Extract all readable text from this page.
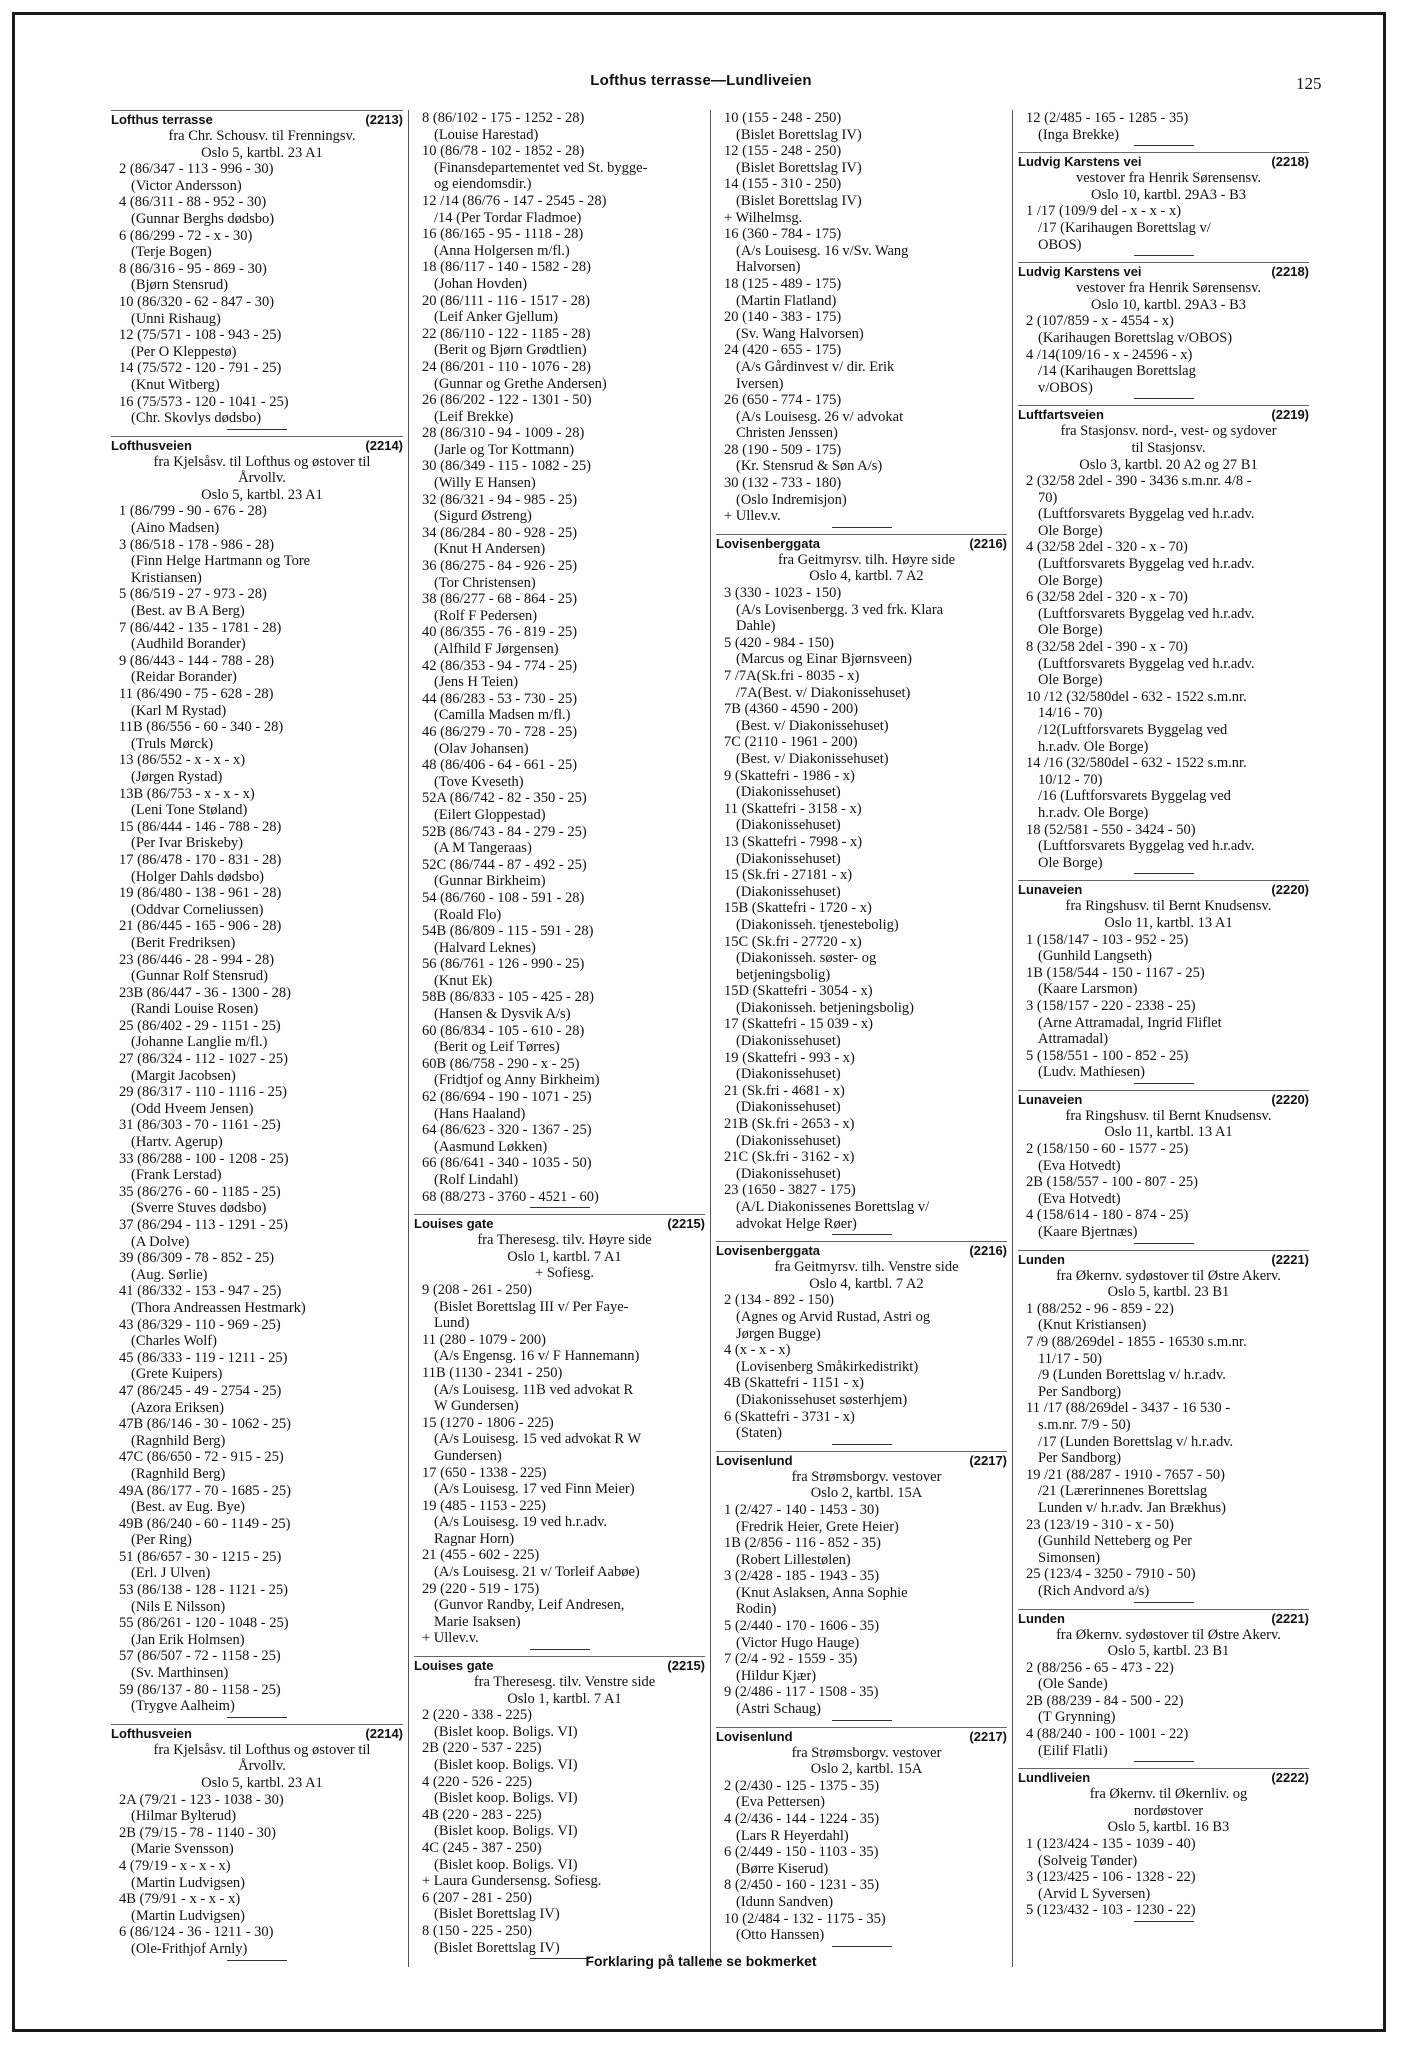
Lofthus terrasse—Lundliveien	125
Lofthus terrasse	(2213)
fra Chr. Schousv. til Frenningsv.
Oslo 5, kartbl. 23 A1
2 (86/347 - 113 - 996 - 30)
(Victor Andersson)
4 (86/311 - 88 - 952 - 30)
(Gunnar Berghs dødsbo)
6 (86/299 - 72 - x - 30)
(Terje Bogen)
8 (86/316 - 95 - 869 - 30)
(Bjørn Stensrud)
10 (86/320 - 62 - 847 - 30)
(Unni Rishaug)
12 (75/571 - 108 - 943 - 25)
(Per O Kleppestø)
14 (75/572 - 120 - 791 - 25)
(Knut Witberg)
16 (75/573 - 120 - 1041 - 25)
(Chr. Skovlys dødsbo)
Lofthusveien	(2214)
fra Kjelsåsv. til Lofthus og østover til
Årvollv.
Oslo 5, kartbl. 23 A1
1 (86/799 - 90 - 676 - 28)
(Aino Madsen)
3 (86/518 - 178 - 986 - 28)
(Finn Helge Hartmann og Tore
Kristiansen)
5 (86/519 - 27 - 973 - 28)
(Best. av B A Berg)
7 (86/442 - 135 - 1781 - 28)
(Audhild Borander)
9 (86/443 - 144 - 788 - 28)
(Reidar Borander)
11 (86/490 - 75 - 628 - 28)
(Karl M Rystad)
11B (86/556 - 60 - 340 - 28)
(Truls Mørck)
13 (86/552 - x - x - x)
(Jørgen Rystad)
13B (86/753 - x - x - x)
(Leni Tone Støland)
15 (86/444 - 146 - 788 - 28)
(Per Ivar Briskeby)
17 (86/478 - 170 - 831 - 28)
(Holger Dahls dødsbo)
19 (86/480 - 138 - 961 - 28)
(Oddvar Corneliussen)
21 (86/445 - 165 - 906 - 28)
(Berit Fredriksen)
23 (86/446 - 28 - 994 - 28)
(Gunnar Rolf Stensrud)
23B (86/447 - 36 - 1300 - 28)
(Randi Louise Rosen)
25 (86/402 - 29 - 1151 - 25)
(Johanne Langlie m/fl.)
27 (86/324 - 112 - 1027 - 25)
(Margit Jacobsen)
29 (86/317 - 110 - 1116 - 25)
(Odd Hveem Jensen)
31 (86/303 - 70 - 1161 - 25)
(Hartv. Agerup)
33 (86/288 - 100 - 1208 - 25)
(Frank Lerstad)
35 (86/276 - 60 - 1185 - 25)
(Sverre Stuves dødsbo)
37 (86/294 - 113 - 1291 - 25)
(A Dolve)
39 (86/309 - 78 - 852 - 25)
(Aug. Sørlie)
41 (86/332 - 153 - 947 - 25)
(Thora Andreassen Hestmark)
43 (86/329 - 110 - 969 - 25)
(Charles Wolf)
45 (86/333 - 119 - 1211 - 25)
(Grete Kuipers)
47 (86/245 - 49 - 2754 - 25)
(Azora Eriksen)
47B (86/146 - 30 - 1062 - 25)
(Ragnhild Berg)
47C (86/650 - 72 - 915 - 25)
(Ragnhild Berg)
49A (86/177 - 70 - 1685 - 25)
(Best. av Eug. Bye)
49B (86/240 - 60 - 1149 - 25)
(Per Ring)
51 (86/657 - 30 - 1215 - 25)
(Erl. J Ulven)
53 (86/138 - 128 - 1121 - 25)
(Nils E Nilsson)
55 (86/261 - 120 - 1048 - 25)
(Jan Erik Holmsen)
57 (86/507 - 72 - 1158 - 25)
(Sv. Marthinsen)
59 (86/137 - 80 - 1158 - 25)
(Trygve Aalheim)
Lofthusveien	(2214)
fra Kjelsåsv. til Lofthus og østover til
Årvollv.
Oslo 5, kartbl. 23 A1
2A (79/21 - 123 - 1038 - 30)
(Hilmar Bylterud)
2B (79/15 - 78 - 1140 - 30)
(Marie Svensson)
4 (79/19 - x - x - x)
(Martin Ludvigsen)
4B (79/91 - x - x - x)
(Martin Ludvigsen)
6 (86/124 - 36 - 1211 - 30)
(Ole-Frithjof Arnly)
8 (86/102 - 175 - 1252 - 28)
(Louise Harestad)
10 (86/78 - 102 - 1852 - 28)
(Finansdepartementet ved St. bygge-
og eiendomsdir.)
12 /14 (86/76 - 147 - 2545 - 28)
/14 (Per Tordar Fladmoe)
16 (86/165 - 95 - 1118 - 28)
(Anna Holgersen m/fl.)
18 (86/117 - 140 - 1582 - 28)
(Johan Hovden)
20 (86/111 - 116 - 1517 - 28)
(Leif Anker Gjellum)
22 (86/110 - 122 - 1185 - 28)
(Berit og Bjørn Grødtlien)
24 (86/201 - 110 - 1076 - 28)
(Gunnar og Grethe Andersen)
26 (86/202 - 122 - 1301 - 50)
(Leif Brekke)
28 (86/310 - 94 - 1009 - 28)
(Jarle og Tor Kottmann)
30 (86/349 - 115 - 1082 - 25)
(Willy E Hansen)
32 (86/321 - 94 - 985 - 25)
(Sigurd Østreng)
34 (86/284 - 80 - 928 - 25)
(Knut H Andersen)
36 (86/275 - 84 - 926 - 25)
(Tor Christensen)
38 (86/277 - 68 - 864 - 25)
(Rolf F Pedersen)
40 (86/355 - 76 - 819 - 25)
(Alfhild F Jørgensen)
42 (86/353 - 94 - 774 - 25)
(Jens H Teien)
44 (86/283 - 53 - 730 - 25)
(Camilla Madsen m/fl.)
46 (86/279 - 70 - 728 - 25)
(Olav Johansen)
48 (86/406 - 64 - 661 - 25)
(Tove Kveseth)
52A (86/742 - 82 - 350 - 25)
(Eilert Gloppestad)
52B (86/743 - 84 - 279 - 25)
(A M Tangeraas)
52C (86/744 - 87 - 492 - 25)
(Gunnar Birkheim)
54 (86/760 - 108 - 591 - 28)
(Roald Flo)
54B (86/809 - 115 - 591 - 28)
(Halvard Leknes)
56 (86/761 - 126 - 990 - 25)
(Knut Ek)
58B (86/833 - 105 - 425 - 28)
(Hansen & Dysvik A/s)
60 (86/834 - 105 - 610 - 28)
(Berit og Leif Tørres)
60B (86/758 - 290 - x - 25)
(Fridtjof og Anny Birkheim)
62 (86/694 - 190 - 1071 - 25)
(Hans Haaland)
64 (86/623 - 320 - 1367 - 25)
(Aasmund Løkken)
66 (86/641 - 340 - 1035 - 50)
(Rolf Lindahl)
68 (88/273 - 3760 - 4521 - 60)
Louises gate	(2215)
fra Theresesg. tilv. Høyre side
Oslo 1, kartbl. 7 A1
+ Sofiesg.
9 (208 - 261 - 250)
(Bislet Borettslag III v/ Per Faye-
Lund)
11 (280 - 1079 - 200)
(A/s Engensg. 16 v/ F Hannemann)
11B (1130 - 2341 - 250)
(A/s Louisesg. 11B ved advokat R
W Gundersen)
15 (1270 - 1806 - 225)
(A/s Louisesg. 15 ved advokat R W
Gundersen)
17 (650 - 1338 - 225)
(A/s Louisesg. 17 ved Finn Meier)
19 (485 - 1153 - 225)
(A/s Louisesg. 19 ved h.r.adv.
Ragnar Horn)
21 (455 - 602 - 225)
(A/s Louisesg. 21 v/ Torleif Aabøe)
29 (220 - 519 - 175)
(Gunvor Randby, Leif Andresen,
Marie Isaksen)
+ Ullev.v.
Louises gate	(2215)
fra Theresesg. tilv. Venstre side
Oslo 1, kartbl. 7 A1
2 (220 - 338 - 225)
(Bislet koop. Boligs. VI)
2B (220 - 537 - 225)
(Bislet koop. Boligs. VI)
4 (220 - 526 - 225)
(Bislet koop. Boligs. VI)
4B (220 - 283 - 225)
(Bislet koop. Boligs. VI)
4C (245 - 387 - 250)
(Bislet koop. Boligs. VI)
+ Laura Gundersensg. Sofiesg.
6 (207 - 281 - 250)
(Bislet Borettslag IV)
8 (150 - 225 - 250)
(Bislet Borettslag IV)
10 (155 - 248 - 250)
(Bislet Borettslag IV)
12 (155 - 248 - 250)
(Bislet Borettslag IV)
14 (155 - 310 - 250)
(Bislet Borettslag IV)
+ Wilhelmsg.
16 (360 - 784 - 175)
(A/s Louisesg. 16 v/Sv. Wang
Halvorsen)
18 (125 - 489 - 175)
(Martin Flatland)
20 (140 - 383 - 175)
(Sv. Wang Halvorsen)
24 (420 - 655 - 175)
(A/s Gårdinvest v/ dir. Erik
Iversen)
26 (650 - 774 - 175)
(A/s Louisesg. 26 v/ advokat
Christen Jenssen)
28 (190 - 509 - 175)
(Kr. Stensrud & Søn A/s)
30 (132 - 733 - 180)
(Oslo Indremisjon)
+ Ullev.v.
Lovisenberggata	(2216)
fra Geitmyrsv. tilh. Høyre side
Oslo 4, kartbl. 7 A2
3 (330 - 1023 - 150)
(A/s Lovisenbergg. 3 ved frk. Klara
Dahle)
5 (420 - 984 - 150)
(Marcus og Einar Bjørnsveen)
7 /7A(Sk.fri - 8035 - x)
/7A(Best. v/ Diakonissehuset)
7B (4360 - 4590 - 200)
(Best. v/ Diakonissehuset)
7C (2110 - 1961 - 200)
(Best. v/ Diakonissehuset)
9 (Skattefri - 1986 - x)
(Diakonissehuset)
11 (Skattefri - 3158 - x)
(Diakonissehuset)
13 (Skattefri - 7998 - x)
(Diakonissehuset)
15 (Sk.fri - 27181 - x)
(Diakonissehuset)
15B (Skattefri - 1720 - x)
(Diakonisseh. tjenestebolig)
15C (Sk.fri - 27720 - x)
(Diakonisseh. søster- og
betjeningsbolig)
15D (Skattefri - 3054 - x)
(Diakonisseh. betjeningsbolig)
17 (Skattefri - 15 039 - x)
(Diakonissehuset)
19 (Skattefri - 993 - x)
(Diakonissehuset)
21 (Sk.fri - 4681 - x)
(Diakonissehuset)
21B (Sk.fri - 2653 - x)
(Diakonissehuset)
21C (Sk.fri - 3162 - x)
(Diakonissehuset)
23 (1650 - 3827 - 175)
(A/L Diakonissenes Borettslag v/
advokat Helge Røer)
Lovisenberggata	(2216)
fra Geitmyrsv. tilh. Venstre side
Oslo 4, kartbl. 7 A2
2 (134 - 892 - 150)
(Agnes og Arvid Rustad, Astri og
Jørgen Bugge)
4 (x - x - x)
(Lovisenberg Småkirkedistrikt)
4B (Skattefri - 1151 - x)
(Diakonissehuset søsterhjem)
6 (Skattefri - 3731 - x)
(Staten)
Lovisenlund	(2217)
fra Strømsborgv. vestover
Oslo 2, kartbl. 15A
1 (2/427 - 140 - 1453 - 30)
(Fredrik Heier, Grete Heier)
1B (2/856 - 116 - 852 - 35)
(Robert Lillestølen)
3 (2/428 - 185 - 1943 - 35)
(Knut Aslaksen, Anna Sophie
Rodin)
5 (2/440 - 170 - 1606 - 35)
(Victor Hugo Hauge)
7 (2/4 - 92 - 1559 - 35)
(Hildur Kjær)
9 (2/486 - 117 - 1508 - 35)
(Astri Schaug)
Lovisenlund	(2217)
fra Strømsborgv. vestover
Oslo 2, kartbl. 15A
2 (2/430 - 125 - 1375 - 35)
(Eva Pettersen)
4 (2/436 - 144 - 1224 - 35)
(Lars R Heyerdahl)
6 (2/449 - 150 - 1103 - 35)
(Børre Kiserud)
8 (2/450 - 160 - 1231 - 35)
(Idunn Sandven)
10 (2/484 - 132 - 1175 - 35)
(Otto Hanssen)
12 (2/485 - 165 - 1285 - 35)
(Inga Brekke)
Ludvig Karstens vei	(2218)
vestover fra Henrik Sørensensv.
Oslo 10, kartbl. 29A3 - B3
1 /17 (109/9 del - x - x - x)
/17 (Karihaugen Borettslag v/
OBOS)
Ludvig Karstens vei	(2218)
vestover fra Henrik Sørensensv.
Oslo 10, kartbl. 29A3 - B3
2 (107/859 - x - 4554 - x)
(Karihaugen Borettslag v/OBOS)
4 /14(109/16 - x - 24596 - x)
/14 (Karihaugen Borettslag
v/OBOS)
Luftfartsveien	(2219)
fra Stasjonsv. nord-, vest- og sydover
til Stasjonsv.
Oslo 3, kartbl. 20 A2 og 27 B1
2 (32/58 2del - 390 - 3436 s.m.nr. 4/8 -
70)
(Luftforsvarets Byggelag ved h.r.adv.
Ole Borge)
4 (32/58 2del - 320 - x - 70)
(Luftforsvarets Byggelag ved h.r.adv.
Ole Borge)
6 (32/58 2del - 320 - x - 70)
(Luftforsvarets Byggelag ved h.r.adv.
Ole Borge)
8 (32/58 2del - 390 - x - 70)
(Luftforsvarets Byggelag ved h.r.adv.
Ole Borge)
10 /12 (32/580del - 632 - 1522 s.m.nr.
14/16 - 70)
/12(Luftforsvarets Byggelag ved
h.r.adv. Ole Borge)
14 /16 (32/580del - 632 - 1522 s.m.nr.
10/12 - 70)
/16 (Luftforsvarets Byggelag ved
h.r.adv. Ole Borge)
18 (52/581 - 550 - 3424 - 50)
(Luftforsvarets Byggelag ved h.r.adv.
Ole Borge)
Lunaveien	(2220)
fra Ringshusv. til Bernt Knudsensv.
Oslo 11, kartbl. 13 A1
1 (158/147 - 103 - 952 - 25)
(Gunhild Langseth)
1B (158/544 - 150 - 1167 - 25)
(Kaare Larsmon)
3 (158/157 - 220 - 2338 - 25)
(Arne Attramadal, Ingrid Fliflet
Attramadal)
5 (158/551 - 100 - 852 - 25)
(Ludv. Mathiesen)
Lunaveien	(2220)
fra Ringshusv. til Bernt Knudsensv.
Oslo 11, kartbl. 13 A1
2 (158/150 - 60 - 1577 - 25)
(Eva Hotvedt)
2B (158/557 - 100 - 807 - 25)
(Eva Hotvedt)
4 (158/614 - 180 - 874 - 25)
(Kaare Bjertnæs)
Lunden	(2221)
fra Økernv. sydøstover til Østre Akerv.
Oslo 5, kartbl. 23 B1
1 (88/252 - 96 - 859 - 22)
(Knut Kristiansen)
7 /9 (88/269del - 1855 - 16530 s.m.nr.
11/17 - 50)
/9 (Lunden Borettslag v/ h.r.adv.
Per Sandborg)
11 /17 (88/269del - 3437 - 16 530 -
s.m.nr. 7/9 - 50)
/17 (Lunden Borettslag v/ h.r.adv.
Per Sandborg)
19 /21 (88/287 - 1910 - 7657 - 50)
/21 (Lærerinnenes Borettslag
Lunden v/ h.r.adv. Jan Brækhus)
23 (123/19 - 310 - x - 50)
(Gunhild Netteberg og Per
Simonsen)
25 (123/4 - 3250 - 7910 - 50)
(Rich Andvord a/s)
Lunden	(2221)
fra Økernv. sydøstover til Østre Akerv.
Oslo 5, kartbl. 23 B1
2 (88/256 - 65 - 473 - 22)
(Ole Sande)
2B (88/239 - 84 - 500 - 22)
(T Grynning)
4 (88/240 - 100 - 1001 - 22)
(Eilif Flatli)
Lundliveien	(2222)
fra Økernv. til Økernliv. og
nordøstover
Oslo 5, kartbl. 16 B3
1 (123/424 - 135 - 1039 - 40)
(Solveig Tønder)
3 (123/425 - 106 - 1328 - 22)
(Arvid L Syversen)
5 (123/432 - 103 - 1230 - 22)
Forklaring på tallene se bokmerket
